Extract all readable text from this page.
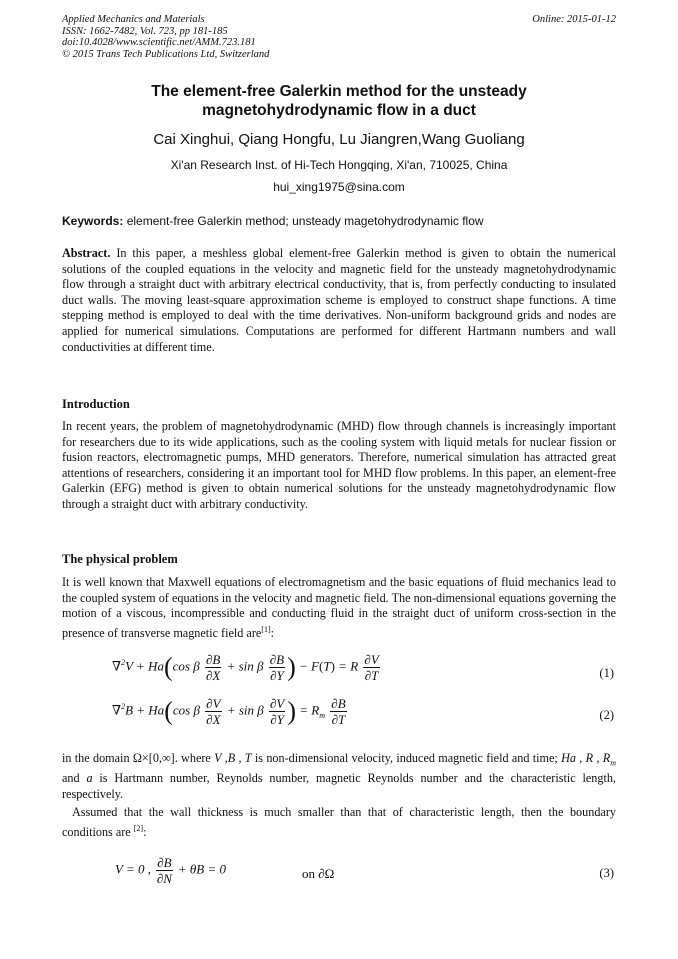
Applied Mechanics and Materials
ISSN: 1662-7482, Vol. 723, pp 181-185
doi:10.4028/www.scientific.net/AMM.723.181
© 2015 Trans Tech Publications Ltd, Switzerland
Online: 2015-01-12
The element-free Galerkin method for the unsteady
magnetohydrodynamic flow in a duct
Cai Xinghui, Qiang Hongfu, Lu Jiangren,Wang Guoliang
Xi'an Research Inst. of Hi-Tech Hongqing, Xi'an, 710025, China
hui_xing1975@sina.com
Keywords: element-free Galerkin method; unsteady magetohydrodynamic flow
Abstract. In this paper, a meshless global element-free Galerkin method is given to obtain the numerical solutions of the coupled equations in the velocity and magnetic field for the unsteady magnetohydrodynamic flow through a straight duct with arbitrary electrical conductivity, that is, from perfectly conducting to insulated duct walls. The moving least-square approximation scheme is employed to construct shape functions. A time stepping method is employed to deal with the time derivatives. Non-uniform background grids and nodes are applied for numerical simulations. Computations are performed for different Hartmann numbers and wall conductivities at different time.
Introduction
In recent years, the problem of magnetohydrodynamic (MHD) flow through channels is increasingly important for researchers due to its wide applications, such as the cooling system with liquid metals for nuclear fission or fusion reactors, electromagnetic pumps, MHD generators. Therefore, numerical simulation has attracted great attentions of researchers, considering it an important tool for MHD flow problems. In this paper, an element-free Galerkin (EFG) method is given to obtain numerical solutions for the unsteady magnetohydrodynamic flow through a straight duct with arbitrary conductivity.
The physical problem
It is well known that Maxwell equations of electromagnetism and the basic equations of fluid mechanics lead to the coupled system of equations in the velocity and magnetic field. The non-dimensional equations governing the motion of a viscous, incompressible and conducting fluid in the straight duct of uniform cross-section in the presence of transverse magnetic field are[1]:
∇$^2$V + Ha(cos β $\frac{\partial B}{\partial X} + \sin \beta \frac{\partial B}{\partial Y}$ ) − F(T) = R $\frac{\partial V}{\partial T}$	(1)
∇$^2$B + Ha(cos β $\frac{\partial V}{\partial X} + \sin \beta \frac{\partial V}{\partial Y}$ ) = $R_m \frac{\partial B}{\partial T}$	(2)
in the domain Ω×[0,∞]. where V ,B , T is non-dimensional velocity, induced magnetic field and time; Ha , R , $R_m$ and a is Hartmann number, Reynolds number, magnetic Reynolds number and the characteristic length, respectively.
Assumed that the wall thickness is much smaller than that of characteristic length, then the boundary conditions are [2]:
V = 0 , $\frac{\partial B}{\partial N} + \theta B = 0$	on ∂Ω	(3)
